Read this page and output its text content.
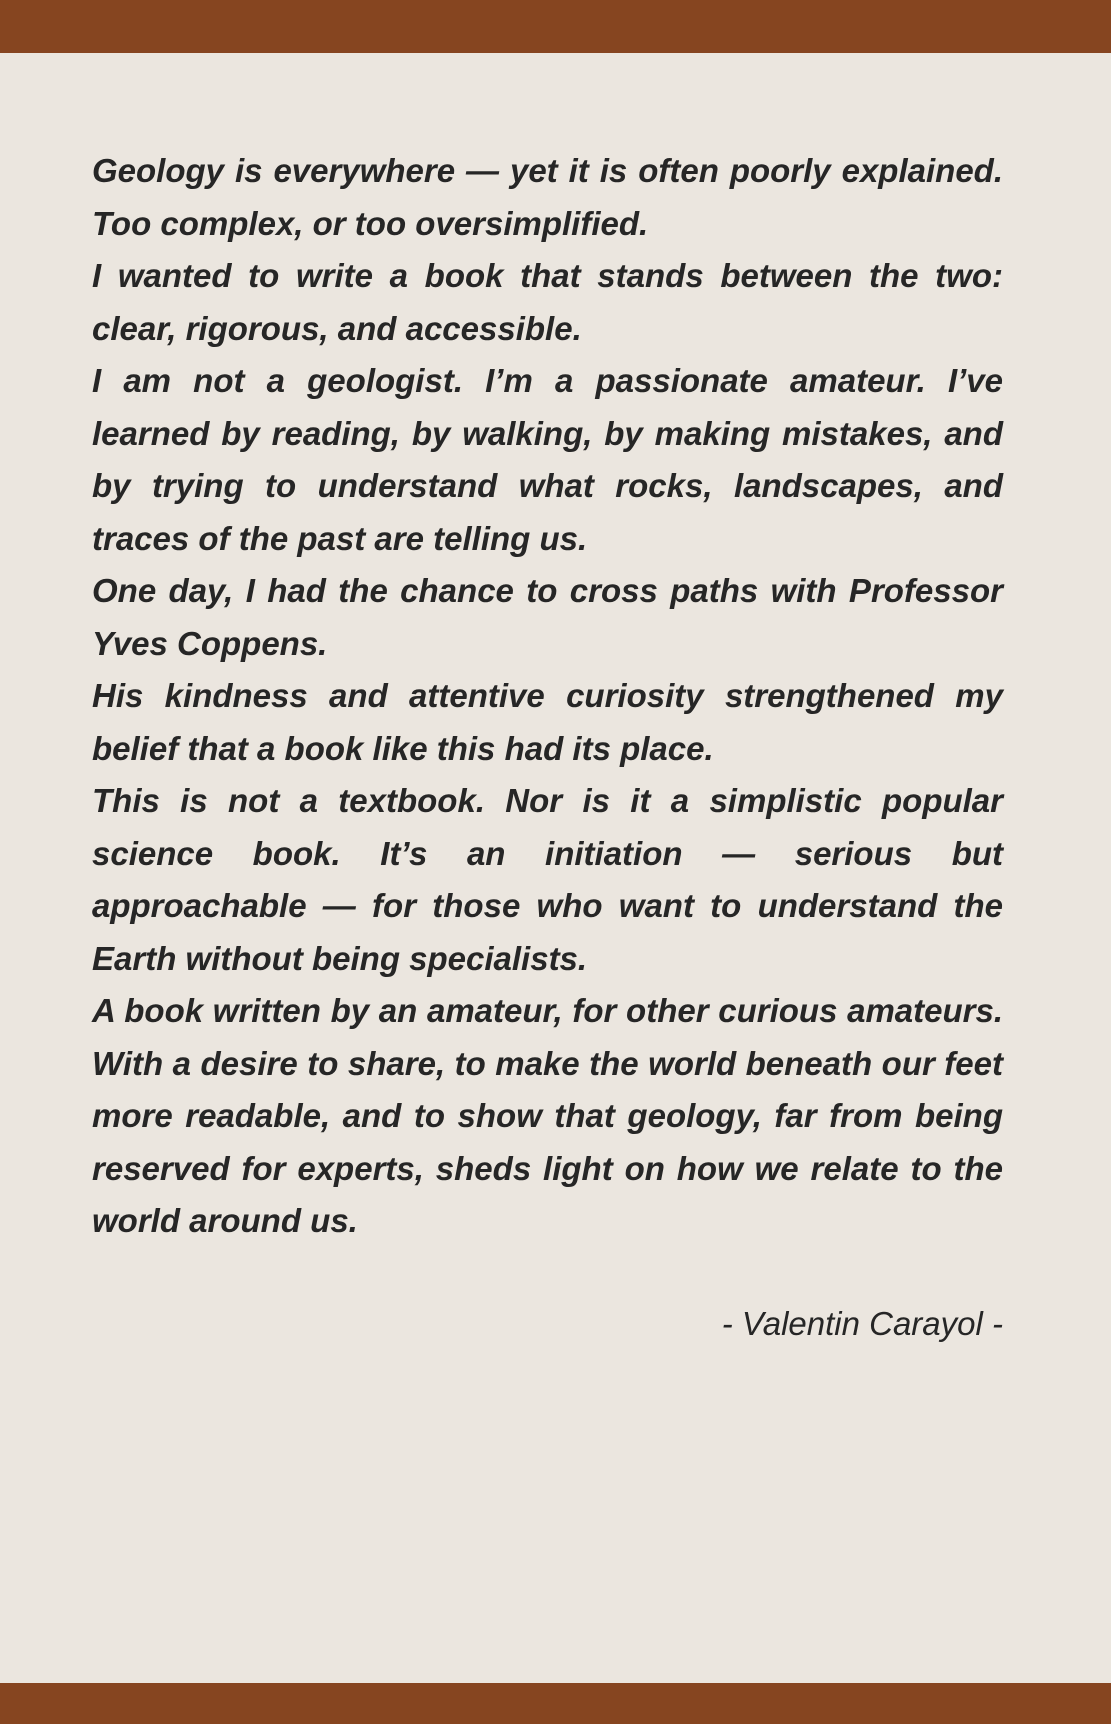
Geology is everywhere — yet it is often poorly explained. Too complex, or too oversimplified.

I wanted to write a book that stands between the two: clear, rigorous, and accessible.

I am not a geologist. I’m a passionate amateur. I’ve learned by reading, by walking, by making mistakes, and by trying to understand what rocks, landscapes, and traces of the past are telling us.

One day, I had the chance to cross paths with Professor Yves Coppens.

His kindness and attentive curiosity strengthened my belief that a book like this had its place.

This is not a textbook. Nor is it a simplistic popular science book. It’s an initiation — serious but approachable — for those who want to understand the Earth without being specialists.

A book written by an amateur, for other curious amateurs. With a desire to share, to make the world beneath our feet more readable, and to show that geology, far from being reserved for experts, sheds light on how we relate to the world around us.

- Valentin Carayol -
